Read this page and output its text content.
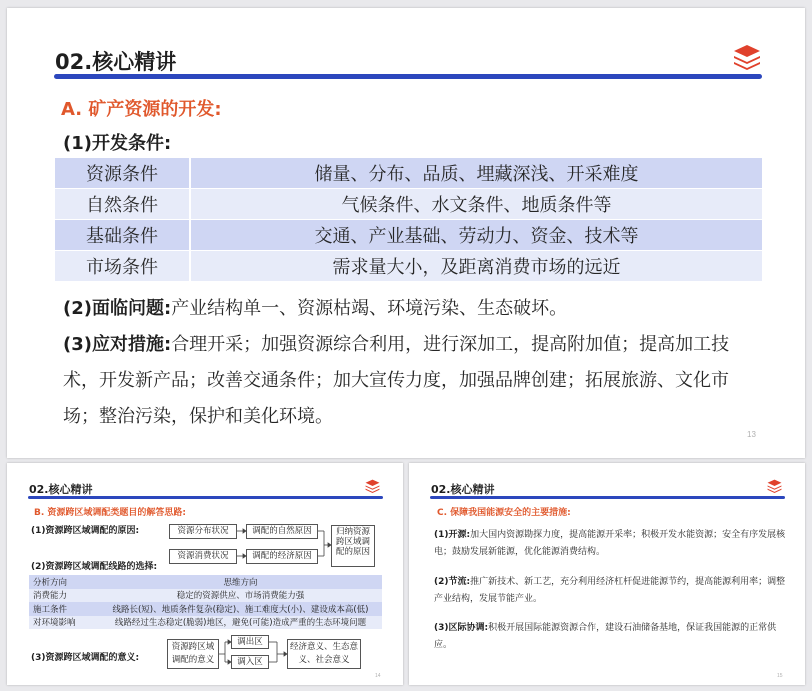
02.核心精讲
A. 矿产资源的开发:
(1)开发条件:
资源条件	储量、分布、品质、埋藏深浅、开采难度
自然条件	气候条件、水文条件、地质条件等
基础条件	交通、产业基础、劳动力、资金、技术等
市场条件	需求量大小，及距离消费市场的远近
(2)面临问题:产业结构单一、资源枯竭、环境污染、生态破坏。
(3)应对措施:合理开采；加强资源综合利用，进行深加工，提高附加值；提高加工技术，开发新产品；改善交通条件；加大宣传力度，加强品牌创建；拓展旅游、文化市场；整治污染，保护和美化环境。
13
02.核心精讲
B. 资源跨区域调配类题目的解答思路:
(1)资源跨区域调配的原因:	资源分布状况	调配的自然原因
资源消费状况	调配的经济原因
归纳资源跨区域调配的原因
(2)资源跨区域调配线路的选择:
分析方向	思维方向
消费能力	稳定的资源供应、市场消费能力强
施工条件	线路长(短)、地质条件复杂(稳定)、施工难度大(小)、建设成本高(低)
对环境影响	线路经过生态稳定(脆弱)地区，避免(可能)造成严重的生态环境问题
(3)资源跨区域调配的意义:
资源跨区域调配的意义
调出区
调入区
经济意义、生态意义、社会意义
14
02.核心精讲
C. 保障我国能源安全的主要措施:
(1)开源:加大国内资源勘探力度，提高能源开采率；积极开发水能资源；安全有序发展核电；鼓励发展新能源，优化能源消费结构。
(2)节流:推广新技术、新工艺，充分利用经济杠杆促进能源节约，提高能源利用率；调整产业结构，发展节能产业。
(3)区际协调:积极开展国际能源资源合作，建设石油储备基地，保证我国能源的正常供应。
15
